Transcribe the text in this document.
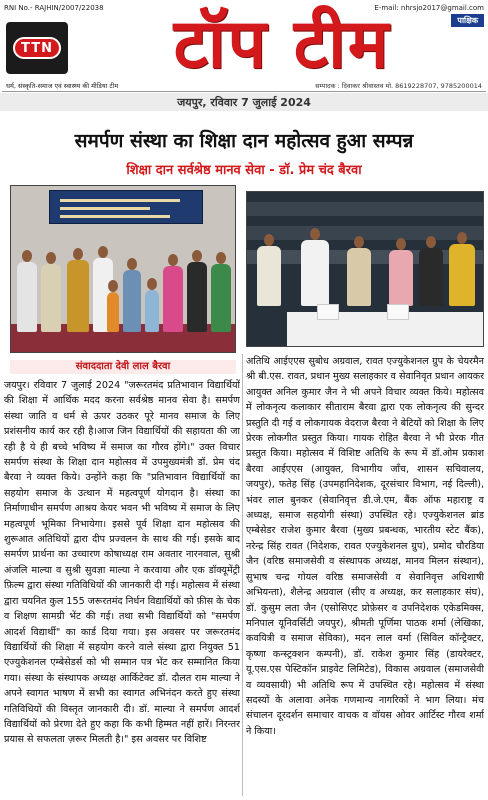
RNI No.- RAJHIN/2007/22038	E-mail: nhrsjo2017@gmail.com
पाक्षिक
TTN	टॉप टीम
धर्म, संस्कृति-समाज एवं स्वास्थ्य की मीडिया टीम	सम्पादक : दिवाकर श्रीवास्तव मो. 8619228707, 9785200014
जयपुर, रविवार 7 जुलाई 2024
समर्पण संस्था का शिक्षा दान महोत्सव हुआ सम्पन्न
शिक्षा दान सर्वश्रेष्ठ मानव सेवा - डॉ. प्रेम चंद बैरवा
संवाददाता देवी लाल बैरवा
जयपुर। रविवार 7 जुलाई 2024 "जरूरतमंद प्रतिभावान विद्यार्थियों की शिक्षा में आर्थिक मदद करना सर्वश्रेष्ठ मानव सेवा है। समर्पण संस्था जाति व धर्म से ऊपर उठकर पूरे मानव समाज के लिए प्रशंसनीय कार्य कर रही है।आज जिन विद्यार्थियों की सहायता की जा रही है ये ही बच्चे भविष्य में समाज का गौरव होंगे।" उक्त विचार समर्पण संस्था के शिक्षा दान महोत्सव में उपमुख्यमंत्री डॉ. प्रेम चंद बैरवा ने व्यक्त किये। उन्होंने कहा कि "प्रतिभावान विद्यार्थियों का सहयोग समाज के उत्थान में महत्वपूर्ण योगदान है। संस्था का निर्माणाधीन समर्पण आश्रय केयर भवन भी भविष्य में समाज के लिए महत्वपूर्ण भूमिका निभायेगा। इससे पूर्व शिक्षा दान महोत्सव की शुरूआत अतिथियों द्वारा दीप प्रज्वलन के साथ की गई। इसके बाद समर्पण प्रार्थना का उच्चारण कोषाध्यक्ष राम अवतार नारनवाल, सुश्री अंजलि माल्या व सुश्री सुवज्ञा माल्या ने करवाया और एक डॉक्यूमेंट्री फ़िल्म द्वारा संस्था गतिविधियों की जानकारी दी गई। महोत्सव में संस्था द्वारा चयनित कुल 155 जरूरतमंद निर्धन विद्यार्थियों को फ़ीस के चेक व शिक्षण सामग्री भेंट की गई। तथा सभी विद्यार्थियों को "समर्पण आदर्श विद्यार्थी" का कार्ड दिया गया। इस अवसर पर जरूरतमंद विद्यार्थियों की शिक्षा में सहयोग करने वाले संस्था द्वारा नियुक्त 51 एज्युकेशनल एम्बेसेडर्स को भी सम्मान पत्र भेंट कर सम्मानित किया गया। संस्था के संस्थापक अध्यक्ष आर्किटेक्ट डॉ. दौलत राम माल्या ने अपने स्वागत भाषण में सभी का स्वागत अभिनंदन करते हुए संस्था गतिविधियों की विस्तृत जानकारी दी। डॉ. माल्या ने समर्पण आदर्श विद्यार्थियों को प्रेरणा देते हुए कहा कि कभी हिम्मत नहीं हारें। निरन्तर प्रयास से सफलता ज़रूर मिलती है।" इस अवसर पर विशिष्ट
अतिथि आईएएस सुबोध अग्रवाल, रावत एज्युकेशनल ग्रुप के चेयरमैन श्री बी.एस. रावत, प्रधान मुख्य सलाहकार व सेवानिवृत प्रधान आयकर आयुक्त अनिल कुमार जैन ने भी अपने विचार व्यक्त किये। महोत्सव में लोकनृत्य कलाकार सीताराम बैरवा द्वारा एक लोकनृत्य की सुन्दर प्रस्तुति दी गई व लोकगायक वेदराज बैरवा ने बेटियों को शिक्षा के लिए प्रेरक लोकगीत प्रस्तुत किया। गायक रोहित बैरवा ने भी प्रेरक गीत प्रस्तुत किया। महोत्सव में विशिष्ट अतिथि के रूप में डॉ.ओम प्रकाश बैरवा आईएएस (आयुक्त, विभागीय जाँच, शासन सचिवालय, जयपुर), फतेह सिंह (उपमहानिदेशक, दूरसंचार विभाग, नई दिल्ली), भंवर लाल बुनकर (सेवानिवृत्त डी.जे.एम, बैंक ऑफ महाराष्ट्र व अध्यक्ष, समाज सहयोगी संस्था) उपस्थित रहे। एज्युकेशनल ब्रांड एम्बेसेडर राजेश कुमार बैरवा (मुख्य प्रबन्धक, भारतीय स्टेट बैंक), नरेन्द्र सिंह रावत (निदेशक, रावत एज्युकेशनल ग्रुप), प्रमोद चौरडिया जैन (वरिष्ठ समाजसेवी व संस्थापक अध्यक्ष, मानव मिलन संस्थान), सुभाष चन्द्र गोयल वरिष्ठ समाजसेवी व सेवानिवृत्त अधिशाषी अभियन्ता), शैलेन्द्र अग्रवाल (सीए व अध्यक्ष, कर सलाहकार संघ), डॉ. कुसुम लता जैन (एसोसिएट प्रोफ़ेसर व उपनिदेशक एकेडमिक्स, मनिपाल यूनिवर्सिटी जयपुर), श्रीमती पूर्णिमा पाठक शर्मा (लेखिका, कवयित्री व समाज सेविका), मदन लाल वर्मा (सिविल कॉन्ट्रैक्टर, कृष्णा कन्स्ट्रक्शन कम्पनी), डॉ. राकेश कुमार सिंह (डायरेक्टर, यू.एस.एस पेस्टिकॉन प्राइवेट लिमिटेड), विकास अग्रवाल (समाजसेवी व व्यवसायी) भी अतिथि रूप में उपस्थित रहे। महोत्सव में संस्था सदस्यों के अलावा अनेक गणमान्य नागरिकों ने भाग लिया। मंच संचालन दूरदर्शन समाचार वाचक व वॉयस ओवर आर्टिस्ट गौरव शर्मा ने किया।
